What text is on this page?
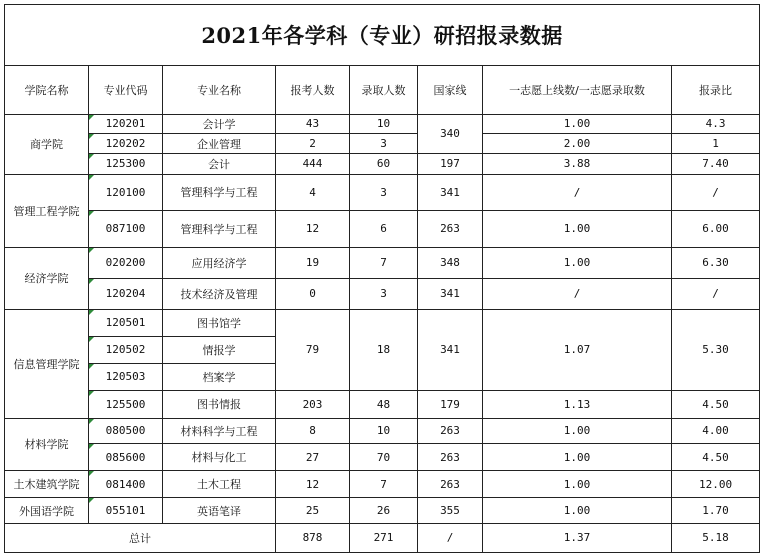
2021年各学科（专业）研招报录数据							
学院名称	专业代码	专业名称	报考人数	录取人数	国家线	一志愿上线数/一志愿录取数	报录比
商学院	120201	会计学	43	10	340	1.00	4.3
	120202	企业管理	2	3		2.00	1
	125300	会计	444	60	197	3.88	7.40
管理工程学院	120100	管理科学与工程	4	3	341	/	/
	087100	管理科学与工程	12	6	263	1.00	6.00
经济学院	020200	应用经济学	19	7	348	1.00	6.30
	120204	技术经济及管理	0	3	341	/	/
信息管理学院	120501	图书馆学	79	18	341	1.07	5.30
	120502	情报学					
	120503	档案学					
	125500	图书情报	203	48	179	1.13	4.50
材料学院	080500	材料科学与工程	8	10	263	1.00	4.00
	085600	材料与化工	27	70	263	1.00	4.50
土木建筑学院	081400	土木工程	12	7	263	1.00	12.00
外国语学院	055101	英语笔译	25	26	355	1.00	1.70
总计			878	271	/	1.37	5.18
